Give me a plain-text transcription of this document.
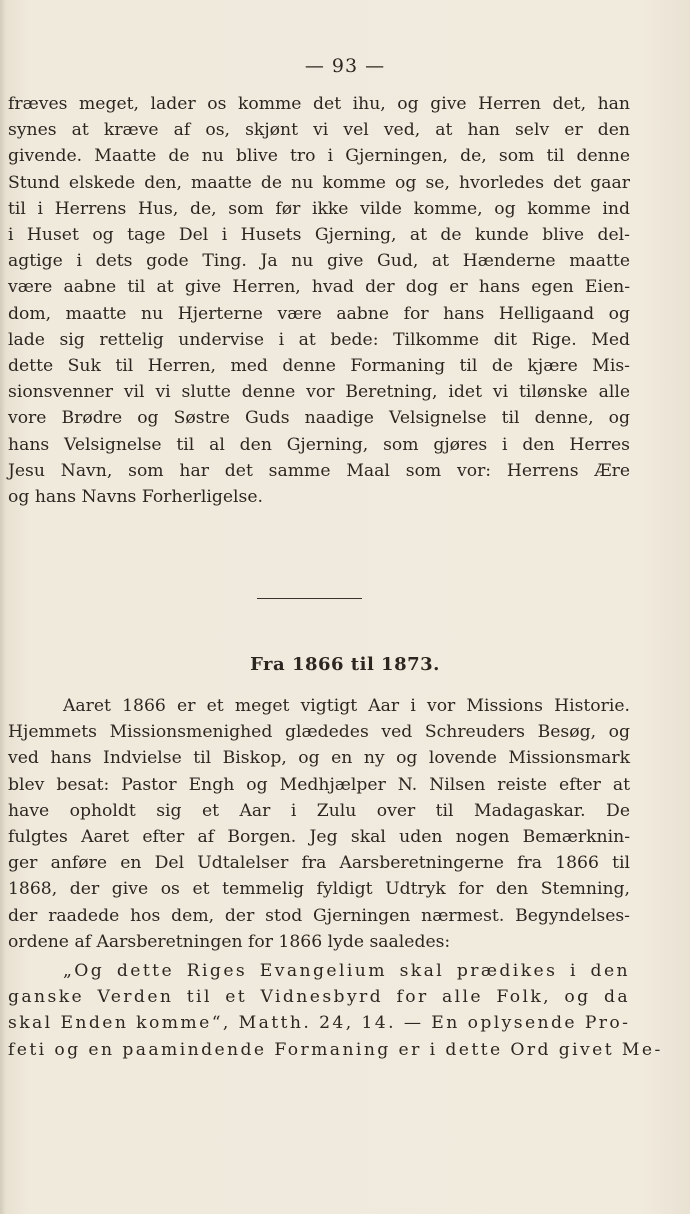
— 93 —
fræves meget, lader os komme det ihu, og give Herren det, han
synes at kræve af os, skjønt vi vel ved, at han selv er den
givende. Maatte de nu blive tro i Gjerningen, de, som til denne
Stund elskede den, maatte de nu komme og se, hvorledes det gaar
til i Herrens Hus, de, som før ikke vilde komme, og komme ind
i Huset og tage Del i Husets Gjerning, at de kunde blive del-
agtige i dets gode Ting. Ja nu give Gud, at Hænderne maatte
være aabne til at give Herren, hvad der dog er hans egen Eien-
dom, maatte nu Hjerterne være aabne for hans Helligaand og
lade sig rettelig undervise i at bede: Tilkomme dit Rige. Med
dette Suk til Herren, med denne Formaning til de kjære Mis-
sionsvenner vil vi slutte denne vor Beretning, idet vi tilønske alle
vore Brødre og Søstre Guds naadige Velsignelse til denne, og
hans Velsignelse til al den Gjerning, som gjøres i den Herres
Jesu Navn, som har det samme Maal som vor: Herrens Ære
og hans Navns Forherligelse.
Fra 1866 til 1873.
Aaret 1866 er et meget vigtigt Aar i vor Missions Historie.
Hjemmets Missionsmenighed glædedes ved Schreuders Besøg, og
ved hans Indvielse til Biskop, og en ny og lovende Missionsmark
blev besat: Pastor Engh og Medhjælper N. Nilsen reiste efter at
have opholdt sig et Aar i Zulu over til Madagaskar. De
fulgtes Aaret efter af Borgen. Jeg skal uden nogen Bemærknin-
ger anføre en Del Udtalelser fra Aarsberetningerne fra 1866 til
1868, der give os et temmelig fyldigt Udtryk for den Stemning,
der raadede hos dem, der stod Gjerningen nærmest. Begyndelses-
ordene af Aarsberetningen for 1866 lyde saaledes:
„Og dette Riges Evangelium skal prædikes i den
ganske Verden til et Vidnesbyrd for alle Folk, og da
skal Enden komme“, Matth. 24, 14. — En oplysende Pro-
feti og en paamindende Formaning er i dette Ord givet Me-
